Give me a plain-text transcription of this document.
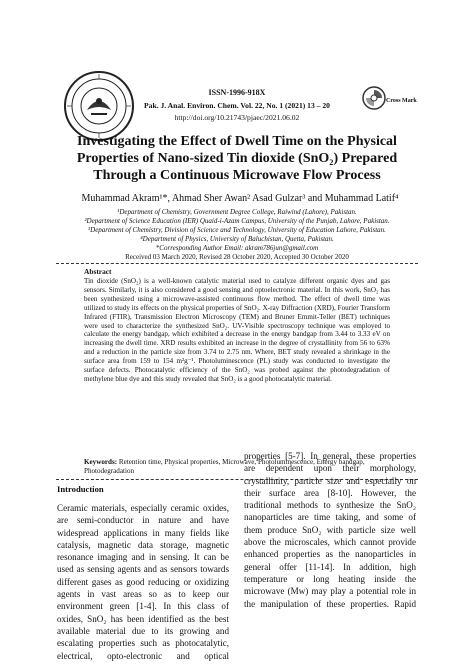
Cross Mark
ISSN-1996-918X
Pak. J. Anal. Environ. Chem. Vol. 22, No. 1 (2021) 13 – 20
http://doi.org/10.21743/pjaec/2021.06.02
Investigating the Effect of Dwell Time on the Physical
Properties of Nano-sized Tin dioxide (SnO₂) Prepared
Through a Continuous Microwave Flow Process
Muhammad Akram¹*, Ahmad Sher Awan² Asad Gulzar³ and Muhammad Latif⁴
¹Department of Chemistry, Government Degree College, Raiwind (Lahore), Pakistan.
²Department of Science Education (IER) Quaid-i-Azam Campus, University of the Punjab, Lahore, Pakistan.
³Department of Chemistry, Division of Science and Technology, University of Education Lahore, Pakistan.
⁴Department of Physics, University of Baluchistan, Quetta, Pakistan.
*Corresponding Author Email: akram786jun@gmail.com
Received 03 March 2020, Revised 28 October 2020, Accepted 30 October 2020
Abstract
Tin dioxide (SnO₂) is a well-known catalytic material used to catalyze different organic dyes and gas sensors. Similarly, it is also considered a good sensing and optoelectronic material. In this work, SnO₂ has been synthesized using a microwave-assisted continuous flow method. The effect of dwell time was utilized to study its effects on the physical properties of SnO₂. X-ray Diffraction (XRD), Fourier Transform Infrared (FTIR), Transmission Electron Microscopy (TEM) and Bruner Emmit-Teller (BET) techniques were used to characterize the synthesized SnO₂. UV-Visible spectroscopy technique was employed to calculate the energy bandgap, which exhibited a decrease in the energy bandgap from 3.44 to 3.33 eV on increasing the dwell time. XRD results exhibited an increase in the degree of crystallinity from 56 to 63% and a reduction in the particle size from 3.74 to 2.75 nm. Where, BET study revealed a shrinkage in the surface area from 159 to 154 m²g⁻¹. Photoluminescence (PL) study was conducted to investigate the surface defects. Photocatalytic efficiency of the SnO₂ was probed against the photodegradation of methylene blue dye and this study revealed that SnO₂ is a good photocatalytic material.
Keywords: Retention time, Physical properties, Microwave, Photoluminescence, Energy bandgap, Photodegradation
Introduction
Ceramic materials, especially ceramic oxides,
are semi-conductor in nature and have
widespread applications in many fields like
catalysis, magnetic data storage, magnetic
resonance imaging and in sensing. It can be
used as sensing agents and as sensors towards
different gases as good reducing or oxidizing
agents in vast areas so as to keep our
environment green [1-4]. In this class of
oxides, SnO₂ has been identified as the best
available material due to its growing and
escalating properties such as photocatalytic,
electrical, opto-electronic and optical
properties [5-7]. In general, these properties
are dependent upon their morphology,
crystallinity, particle size and especially on
their surface area [8-10]. However, the
traditional methods to synthesize the SnO₂
nanoparticles are time taking, and some of
them produce SnO₂ with particle size well
above the microscales, which cannot provide
enhanced properties as the nanoparticles in
general offer [11-14]. In addition, high
temperature or long heating inside the
microwave (Mw) may play a potential role in
the manipulation of these properties. Rapid
